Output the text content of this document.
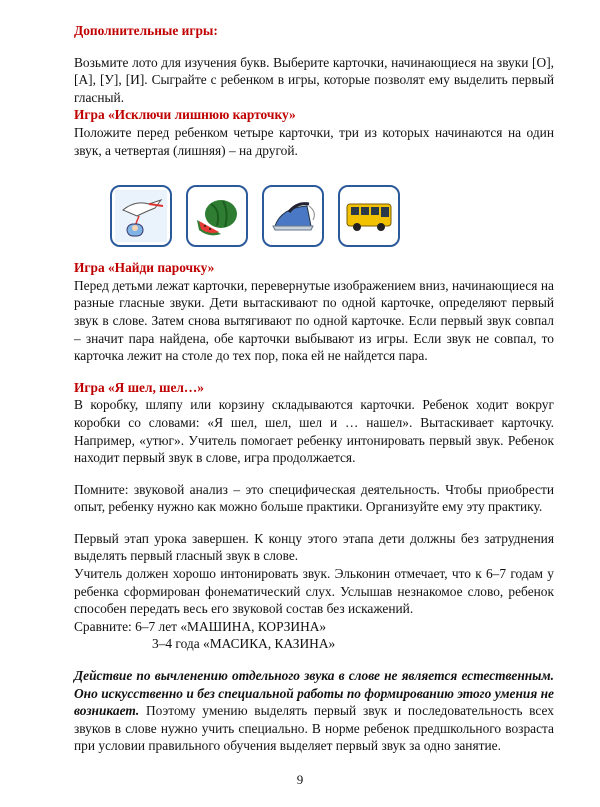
Дополнительные игры:

Возьмите лото для изучения букв. Выберите карточки, начинающиеся на звуки [О], [А], [У], [И]. Сыграйте с ребенком в игры, которые позволят ему выделить первый гласный.

Игра «Исключи лишнюю карточку»

Положите перед ребенком четыре карточки, три из которых начинаются на один звук, а четвертая (лишняя) – на другой.

Игра «Найди парочку»

Перед детьми лежат карточки, перевернутые изображением вниз, начинающиеся на разные гласные звуки. Дети вытаскивают по одной карточке, определяют первый звук в слове. Затем снова вытягивают по одной карточке. Если первый звук совпал – значит пара найдена, обе карточки выбывают из игры. Если звук не совпал, то карточка лежит на столе до тех пор, пока ей не найдется пара.

Игра «Я шел, шел…»

В коробку, шляпу или корзину складываются карточки. Ребенок ходит вокруг коробки со словами: «Я шел, шел, шел и … нашел». Вытаскивает карточку. Например, «утюг». Учитель помогает ребенку интонировать первый звук. Ребенок находит первый звук в слове, игра продолжается.

Помните: звуковой анализ – это специфическая деятельность. Чтобы приобрести опыт, ребенку нужно как можно больше практики. Организуйте ему эту практику.

Первый этап урока завершен. К концу этого этапа дети должны без затруднения выделять первый гласный звук в слове.

Учитель должен хорошо интонировать звук. Эльконин отмечает, что к 6–7 годам у ребенка сформирован фонематический слух. Услышав незнакомое слово, ребенок способен передать весь его звуковой состав без искажений.

Сравните: 6–7 лет «МАШИНА, КОРЗИНА»

3–4 года «МАСИКА, КАЗИНА»

Действие по вычленению отдельного звука в слове не является естественным. Оно искусственно и без специальной работы по формированию этого умения не возникает. Поэтому умению выделять первый звук и последовательность всех звуков в слове нужно учить специально. В норме ребенок предшкольного возраста при условии правильного обучения выделяет первый звук за одно занятие.

9
